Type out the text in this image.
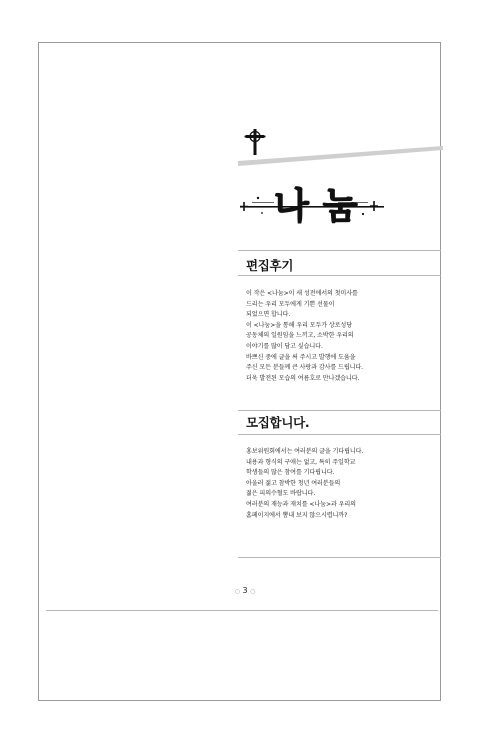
나눔
편집후기
이 작은 <나눔>이 새 성전에서의 첫미사를
드리는 우리 모두에게 기쁜 선물이
되었으면 합니다.
이 <나눔>을 통해 우리 모두가 상로성당
공동체의 일원임을 느끼고, 소박한 우리의
이야기를 많이 담고 싶습니다.
바쁘신 중에 글을 써 주시고 발행에 도움을
주신 모든 분들께 큰 사랑과 감사를 드립니다.
더욱 발전된 모습의 여름호로 만나겠습니다.
모집합니다.
홍보위원회에서는 여러분의 글을 기다립니다.
내용과 형식의 구애는 없고, 특히 주일학교
학생들의 많은 참여를 기다립니다.
아울러 젊고 참박한 청년 여러분들의
젊은 피의수혈도 바랍니다.
여러분의 재능과 재치를 <나눔>과 우리의
홈페이지에서 뽐내 보지 않으시렵니까?
○ 3 ○
